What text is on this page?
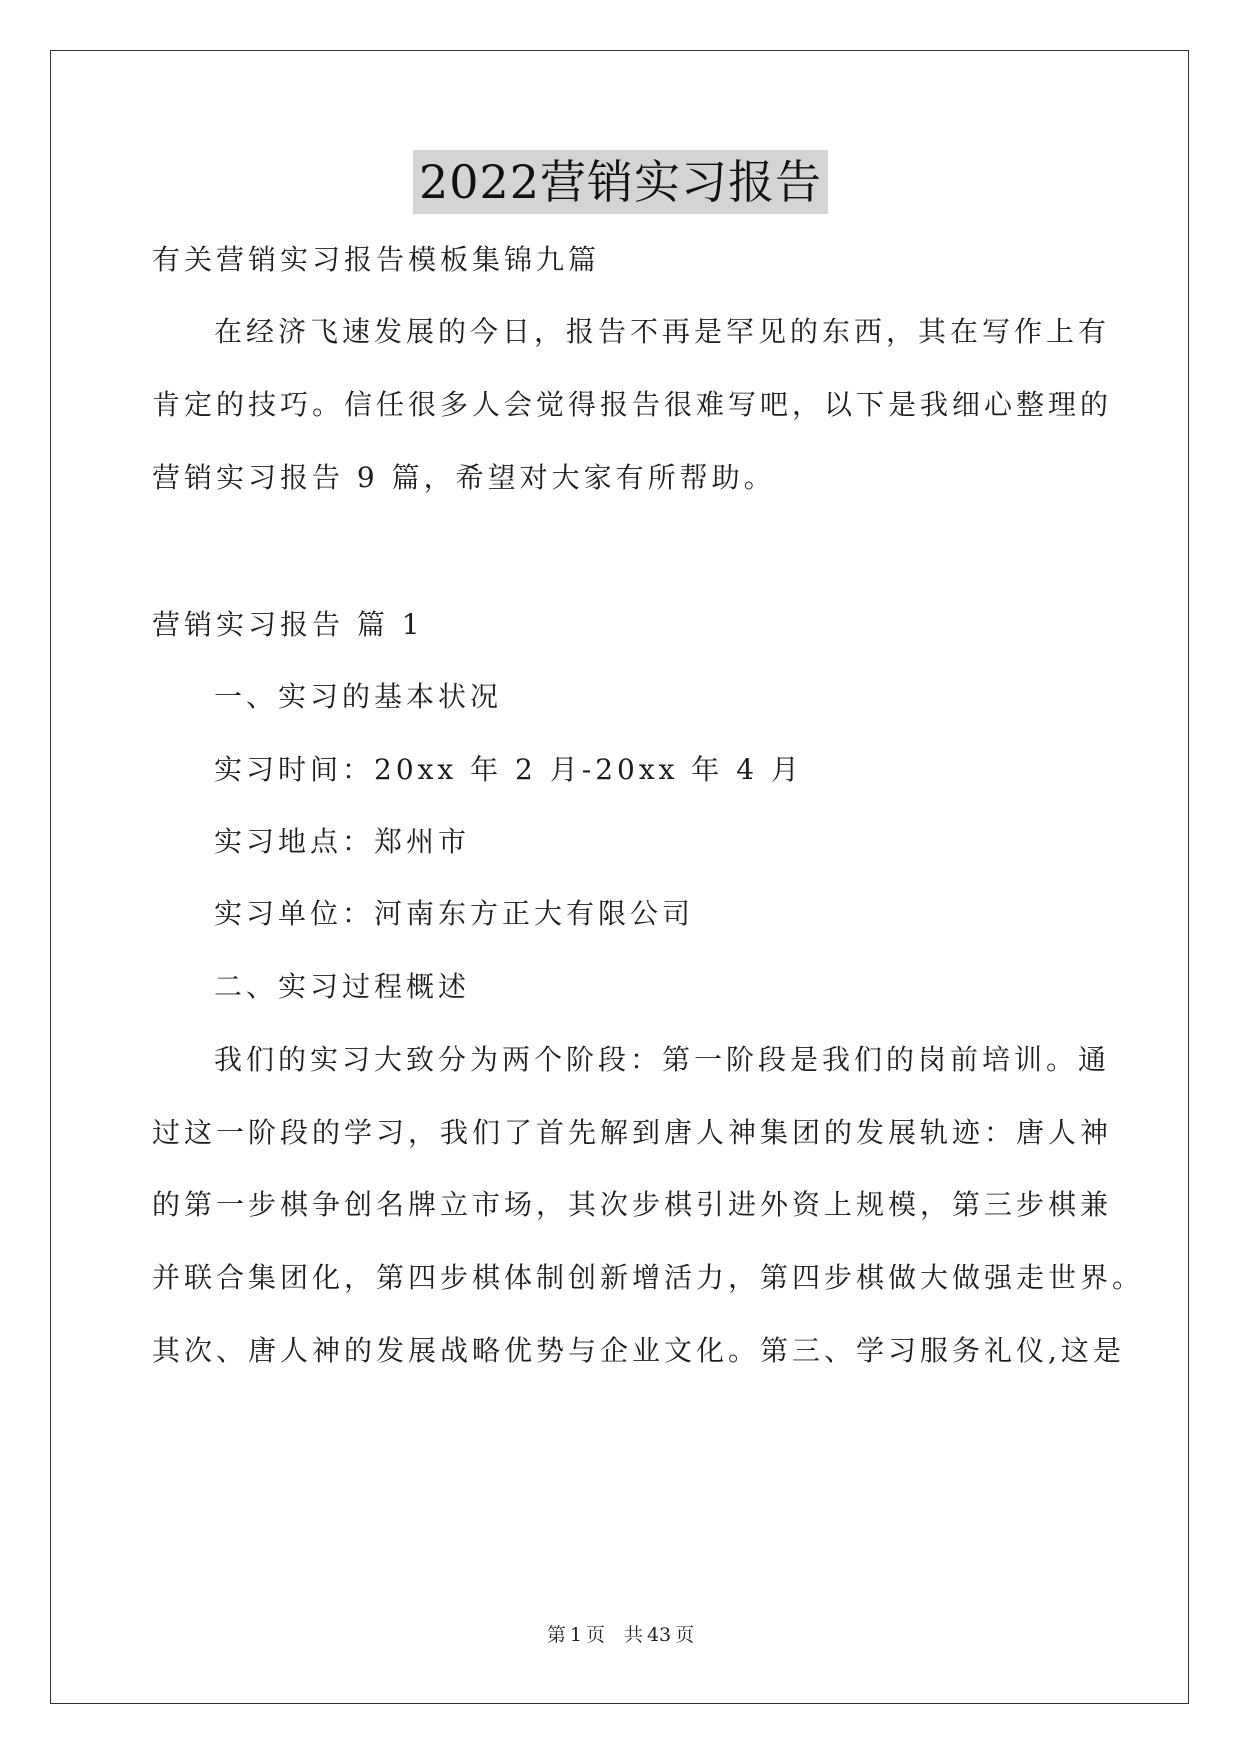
2022营销实习报告
有关营销实习报告模板集锦九篇
在经济飞速发展的今日，报告不再是罕见的东西，其在写作上有
肯定的技巧。信任很多人会觉得报告很难写吧，以下是我细心整理的
营销实习报告 9 篇，希望对大家有所帮助。
营销实习报告 篇 1
一、实习的基本状况
实习时间：20xx 年 2 月-20xx 年 4 月
实习地点：郑州市
实习单位：河南东方正大有限公司
二、实习过程概述
我们的实习大致分为两个阶段：第一阶段是我们的岗前培训。通
过这一阶段的学习，我们了首先解到唐人神集团的发展轨迹：唐人神
的第一步棋争创名牌立市场，其次步棋引进外资上规模，第三步棋兼
并联合集团化，第四步棋体制创新增活力，第四步棋做大做强走世界。
其次、唐人神的发展战略优势与企业文化。第三、学习服务礼仪,这是
第 1 页　共 43 页
